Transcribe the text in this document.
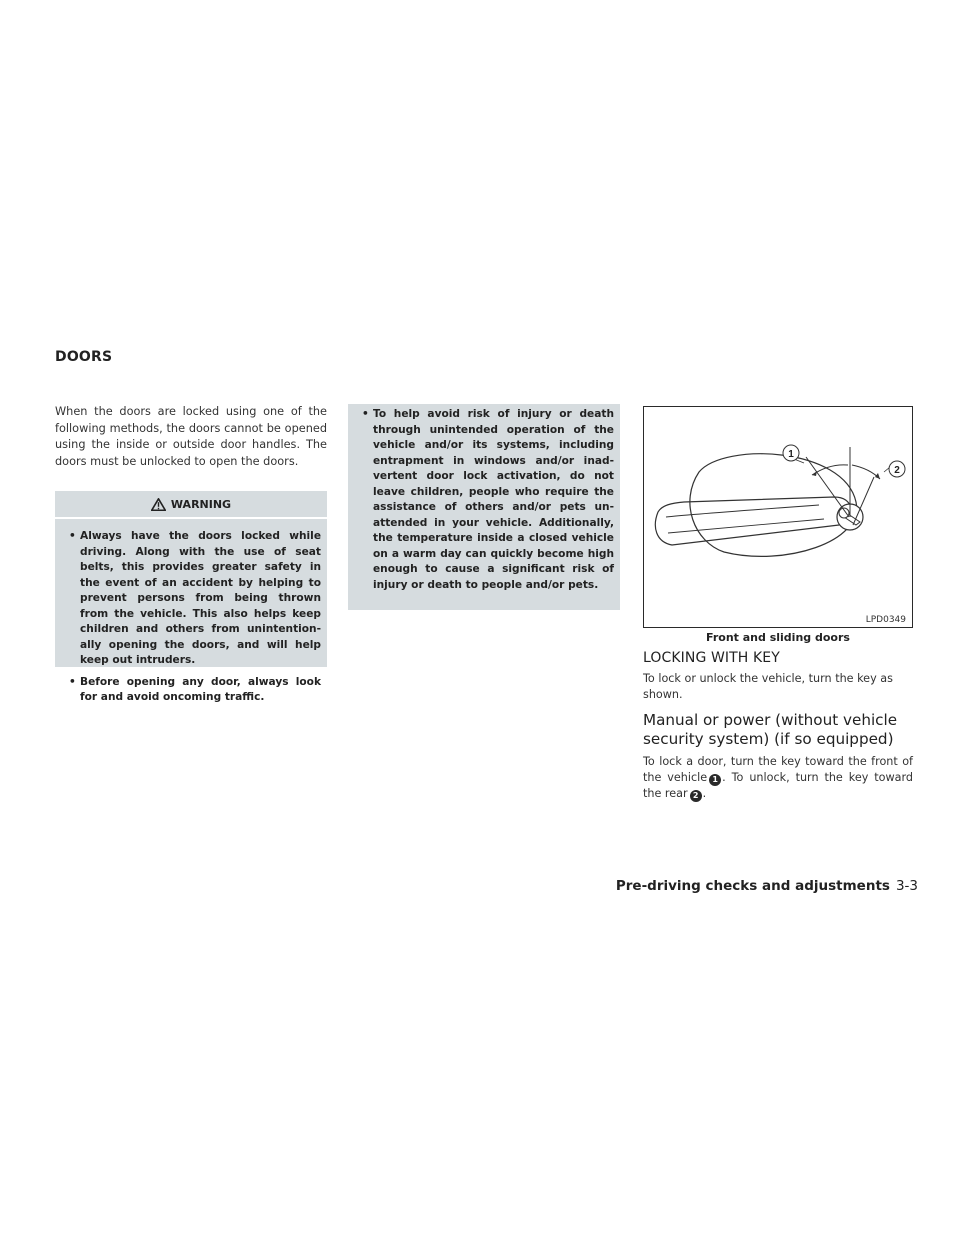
DOORS
When the doors are locked using one of the following methods, the doors cannot be opened using the inside or outside door handles. The doors must be unlocked to open the doors.
WARNING
• Always have the doors locked while driving. Along with the use of seat belts, this provides greater safety in the event of an accident by helping to prevent persons from being thrown from the vehicle. This also helps keep children and others from unintentionally opening the doors, and will help keep out intruders.
• Before opening any door, always look for and avoid oncoming traffic.
• To help avoid risk of injury or death through unintended operation of the vehicle and/or its systems, including entrapment in windows and/or inadvertent door lock activation, do not leave children, people who require the assistance of others and/or pets unattended in your vehicle. Additionally, the temperature inside a closed vehicle on a warm day can quickly become high enough to cause a significant risk of injury or death to people and/or pets.
1
2
LPD0349
Front and sliding doors
LOCKING WITH KEY
To lock or unlock the vehicle, turn the key as shown.
Manual or power (without vehicle security system) (if so equipped)
To lock a door, turn the key toward the front of the vehicle 1 . To unlock, turn the key toward the rear 2 .
Pre-driving checks and adjustments 3-3
